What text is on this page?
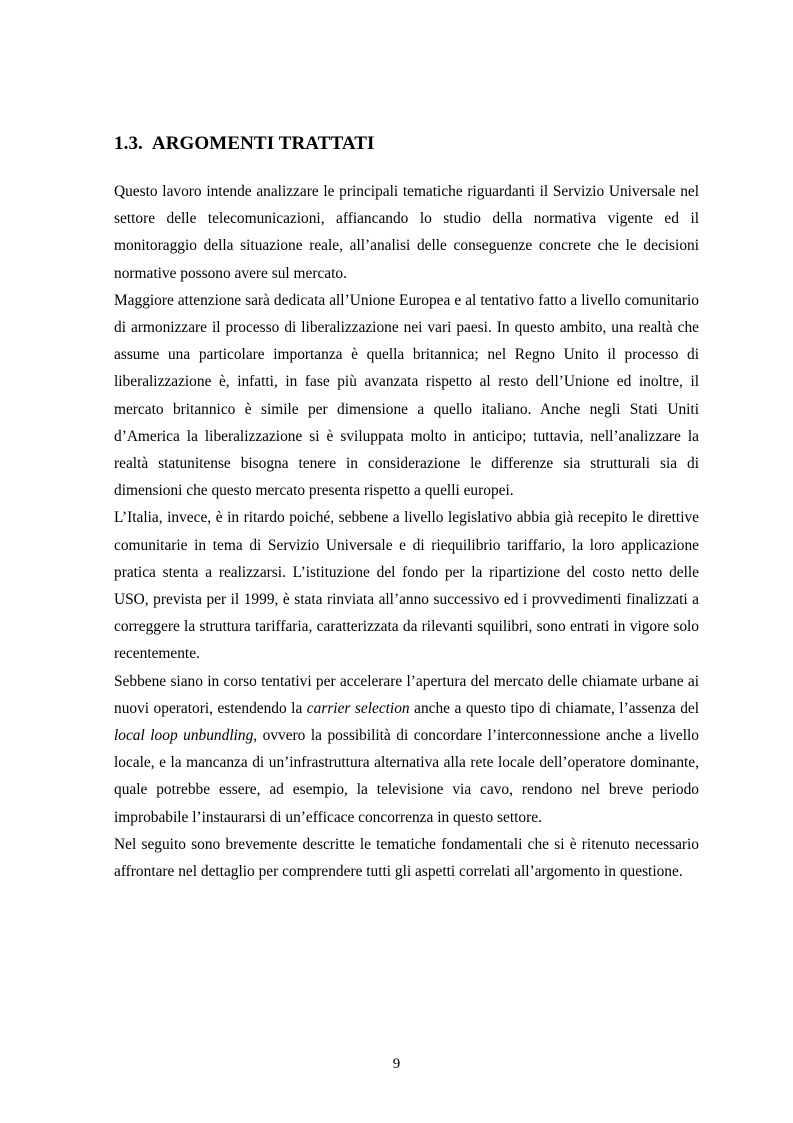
1.3. ARGOMENTI TRATTATI

Questo lavoro intende analizzare le principali tematiche riguardanti il Servizio Universale nel settore delle telecomunicazioni, affiancando lo studio della normativa vigente ed il monitoraggio della situazione reale, all’analisi delle conseguenze concrete che le decisioni normative possono avere sul mercato.

Maggiore attenzione sarà dedicata all’Unione Europea e al tentativo fatto a livello comunitario di armonizzare il processo di liberalizzazione nei vari paesi. In questo ambito, una realtà che assume una particolare importanza è quella britannica; nel Regno Unito il processo di liberalizzazione è, infatti, in fase più avanzata rispetto al resto dell’Unione ed inoltre, il mercato britannico è simile per dimensione a quello italiano. Anche negli Stati Uniti d’America la liberalizzazione si è sviluppata molto in anticipo; tuttavia, nell’analizzare la realtà statunitense bisogna tenere in considerazione le differenze sia strutturali sia di dimensioni che questo mercato presenta rispetto a quelli europei.

L’Italia, invece, è in ritardo poiché, sebbene a livello legislativo abbia già recepito le direttive comunitarie in tema di Servizio Universale e di riequilibrio tariffario, la loro applicazione pratica stenta a realizzarsi. L’istituzione del fondo per la ripartizione del costo netto delle USO, prevista per il 1999, è stata rinviata all’anno successivo ed i provvedimenti finalizzati a correggere la struttura tariffaria, caratterizzata da rilevanti squilibri, sono entrati in vigore solo recentemente.

Sebbene siano in corso tentativi per accelerare l’apertura del mercato delle chiamate urbane ai nuovi operatori, estendendo la carrier selection anche a questo tipo di chiamate, l’assenza del local loop unbundling, ovvero la possibilità di concordare l’interconnessione anche a livello locale, e la mancanza di un’infrastruttura alternativa alla rete locale dell’operatore dominante, quale potrebbe essere, ad esempio, la televisione via cavo, rendono nel breve periodo improbabile l’instaurarsi di un’efficace concorrenza in questo settore.

Nel seguito sono brevemente descritte le tematiche fondamentali che si è ritenuto necessario affrontare nel dettaglio per comprendere tutti gli aspetti correlati all’argomento in questione.

9
